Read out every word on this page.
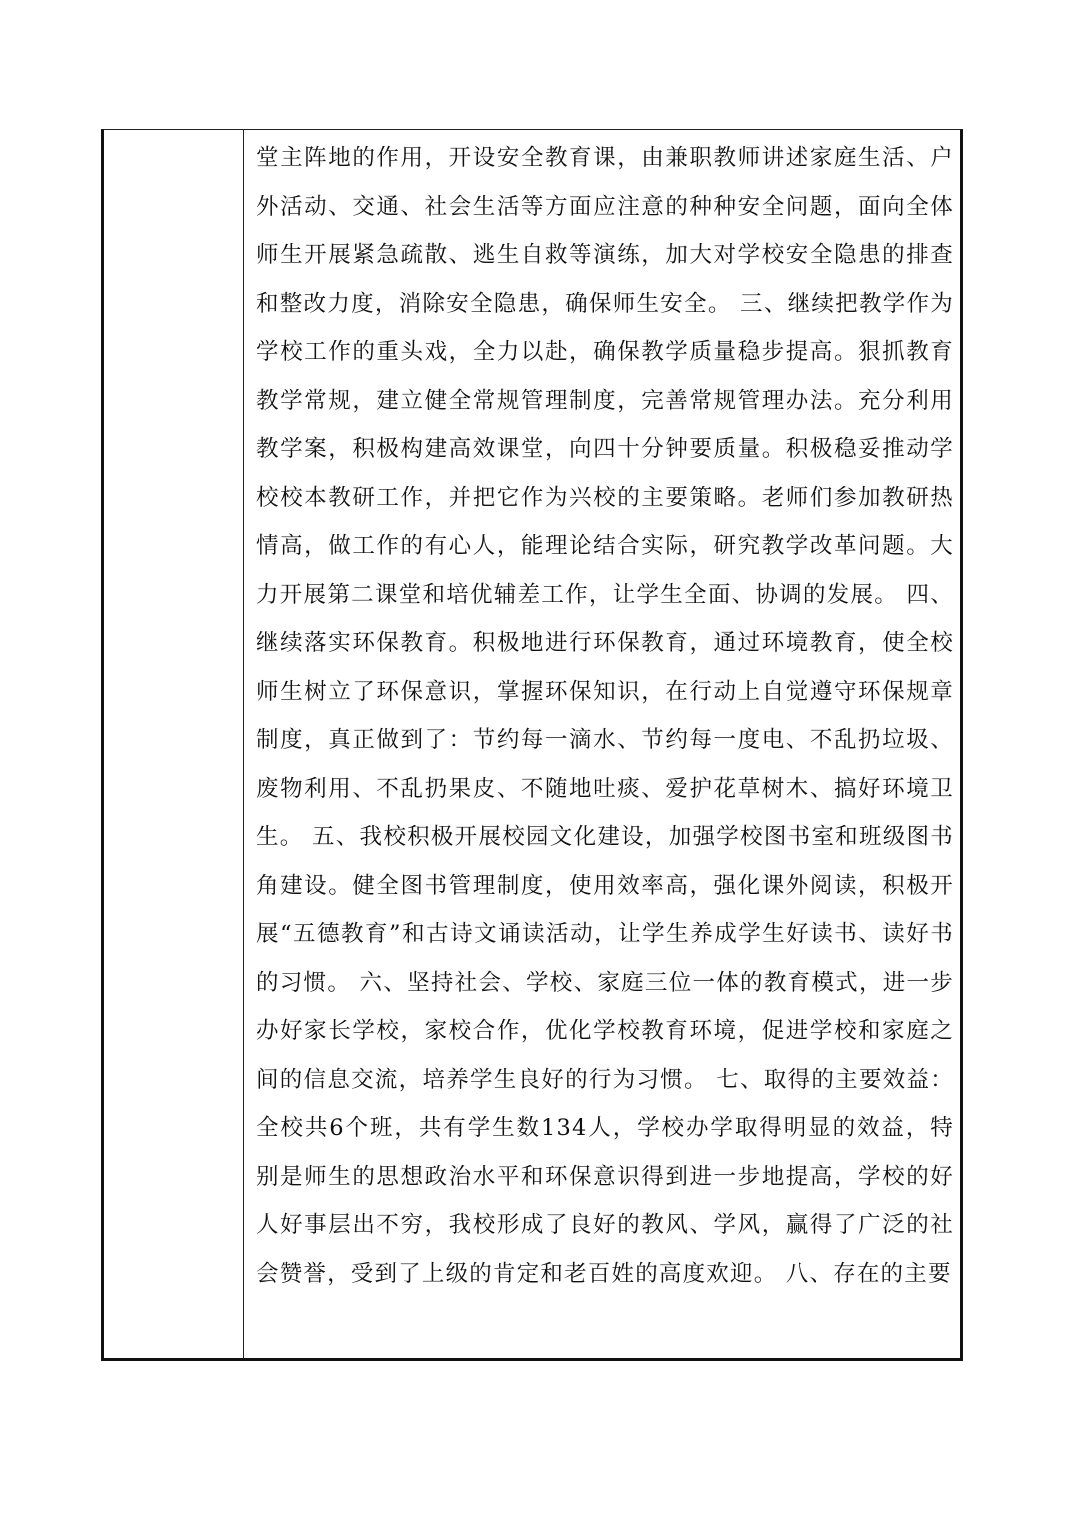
堂主阵地的作用，开设安全教育课，由兼职教师讲述家庭生活、户外活动、交通、社会生活等方面应注意的种种安全问题，面向全体师生开展紧急疏散、逃生自救等演练，加大对学校安全隐患的排查和整改力度，消除安全隐患，确保师生安全。 三、继续把教学作为学校工作的重头戏，全力以赴，确保教学质量稳步提高。狠抓教育教学常规，建立健全常规管理制度，完善常规管理办法。充分利用教学案，积极构建高效课堂，向四十分钟要质量。积极稳妥推动学校校本教研工作，并把它作为兴校的主要策略。老师们参加教研热情高，做工作的有心人，能理论结合实际，研究教学改革问题。大力开展第二课堂和培优辅差工作，让学生全面、协调的发展。 四、继续落实环保教育。积极地进行环保教育，通过环境教育，使全校师生树立了环保意识，掌握环保知识，在行动上自觉遵守环保规章制度，真正做到了：节约每一滴水、节约每一度电、不乱扔垃圾、废物利用、不乱扔果皮、不随地吐痰、爱护花草树木、搞好环境卫生。 五、我校积极开展校园文化建设，加强学校图书室和班级图书角建设。健全图书管理制度，使用效率高，强化课外阅读，积极开展“五德教育”和古诗文诵读活动，让学生养成学生好读书、读好书的习惯。 六、坚持社会、学校、家庭三位一体的教育模式，进一步办好家长学校，家校合作，优化学校教育环境，促进学校和家庭之间的信息交流，培养学生良好的行为习惯。 七、取得的主要效益： 全校共6个班，共有学生数134人，学校办学取得明显的效益，特别是师生的思想政治水平和环保意识得到进一步地提高，学校的好人好事层出不穷，我校形成了良好的教风、学风，赢得了广泛的社会赞誉，受到了上级的肯定和老百姓的高度欢迎。 八、存在的主要
